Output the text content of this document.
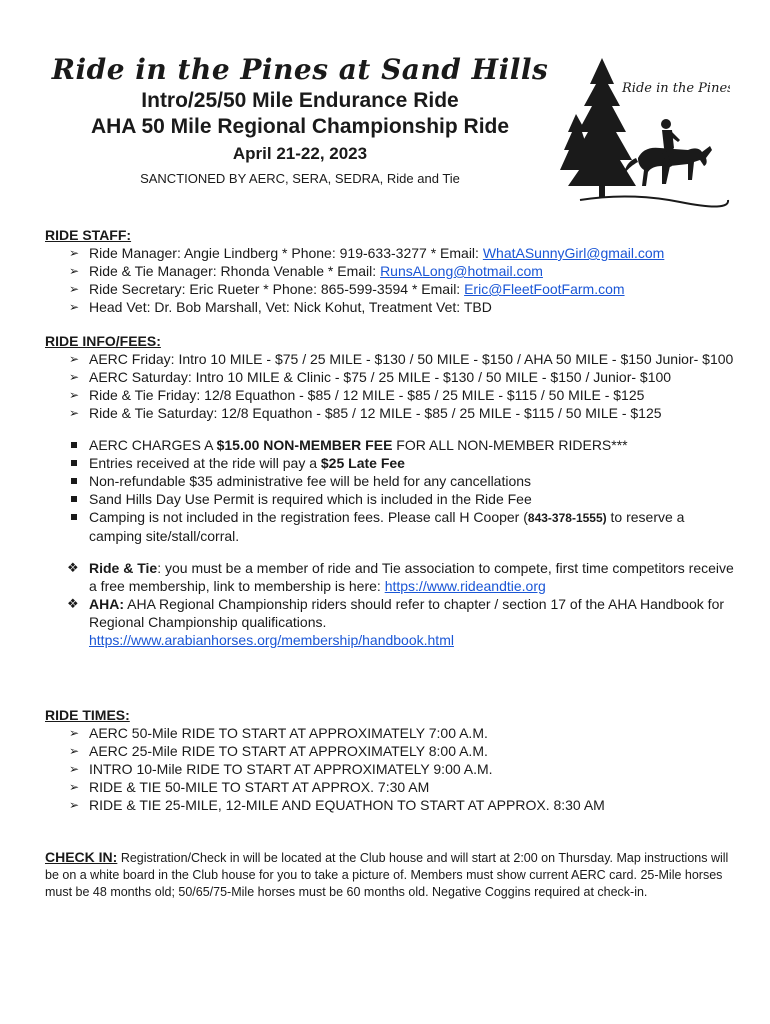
Ride in the Pines at Sand Hills

Intro/25/50 Mile Endurance Ride

AHA 50 Mile Regional Championship Ride

April 21-22, 2023

SANCTIONED BY AERC, SERA, SEDRA, Ride and Tie

Ride in the Pines
RIDE STAFF:
➢ Ride Manager: Angie Lindberg * Phone: 919-633-3277 * Email: WhatASunnyGirl@gmail.com
➢ Ride & Tie Manager: Rhonda Venable * Email: RunsALong@hotmail.com
➢ Ride Secretary: Eric Rueter * Phone: 865-599-3594 * Email: Eric@FleetFootFarm.com
➢ Head Vet: Dr. Bob Marshall, Vet: Nick Kohut, Treatment Vet: TBD
RIDE INFO/FEES:
➢ AERC Friday: Intro 10 MILE - $75 / 25 MILE - $130 / 50 MILE - $150 / AHA 50 MILE - $150 Junior- $100
➢ AERC Saturday: Intro 10 MILE & Clinic - $75 / 25 MILE - $130 / 50 MILE - $150 / Junior- $100
➢ Ride & Tie Friday: 12/8 Equathon - $85 / 12 MILE - $85 / 25 MILE - $115 / 50 MILE - $125
➢ Ride & Tie Saturday: 12/8 Equathon - $85 / 12 MILE - $85 / 25 MILE - $115 / 50 MILE - $125
AERC CHARGES A $15.00 NON-MEMBER FEE FOR ALL NON-MEMBER RIDERS***
Entries received at the ride will pay a $25 Late Fee
Non-refundable $35 administrative fee will be held for any cancellations
Sand Hills Day Use Permit is required which is included in the Ride Fee
Camping is not included in the registration fees. Please call H Cooper (843-378-1555) to reserve a camping site/stall/corral.
❖ Ride & Tie: you must be a member of ride and Tie association to compete, first time competitors receive a free membership, link to membership is here: https://www.rideandtie.org
❖ AHA: AHA Regional Championship riders should refer to chapter / section 17 of the AHA Handbook for Regional Championship qualifications.
https://www.arabianhorses.org/membership/handbook.html
RIDE TIMES:
➢ AERC 50-Mile RIDE TO START AT APPROXIMATELY 7:00 A.M.
➢ AERC 25-Mile RIDE TO START AT APPROXIMATELY 8:00 A.M.
➢ INTRO 10-Mile RIDE TO START AT APPROXIMATELY 9:00 A.M.
➢ RIDE & TIE 50-MILE TO START AT APPROX. 7:30 AM
➢ RIDE & TIE 25-MILE, 12-MILE AND EQUATHON TO START AT APPROX. 8:30 AM
CHECK IN: Registration/Check in will be located at the Club house and will start at 2:00 on Thursday. Map instructions will be on a white board in the Club house for you to take a picture of. Members must show current AERC card. 25-Mile horses must be 48 months old; 50/65/75-Mile horses must be 60 months old. Negative Coggins required at check-in.
